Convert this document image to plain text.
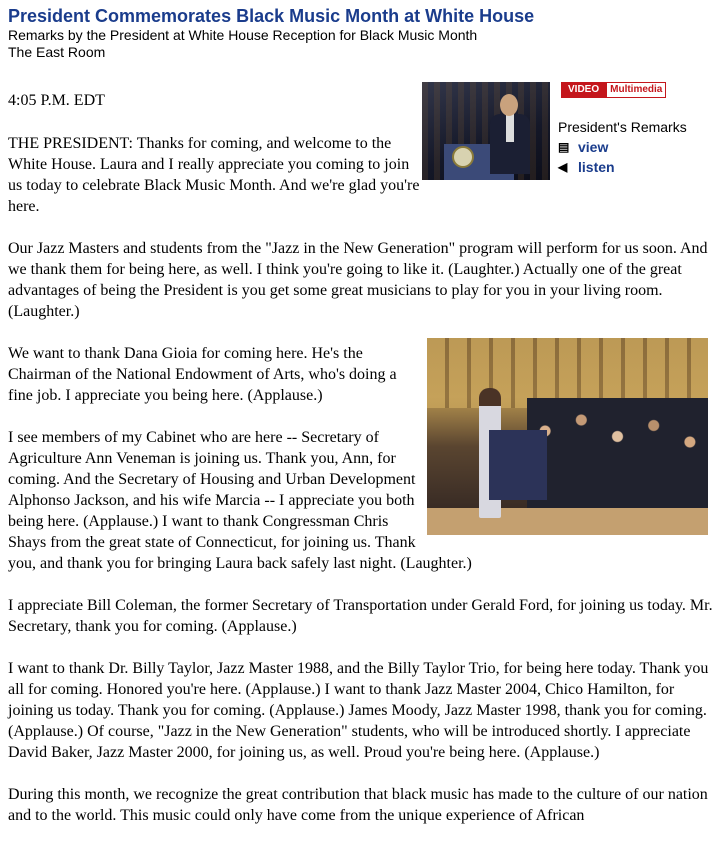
President Commemorates Black Music Month at White House
Remarks by the President at White House Reception for Black Music Month
The East Room
VIDEO	Multimedia
President's Remarks
▤ view
◀︎ listen

4:05 P.M. EDT

THE PRESIDENT: Thanks for coming, and welcome to the White House. Laura and I really appreciate you coming to join us today to celebrate Black Music Month. And we're glad you're here.

Our Jazz Masters and students from the "Jazz in the New Generation" program will perform for us soon. And we thank them for being here, as well. I think you're going to like it. (Laughter.) Actually one of the great advantages of being the President is you get some great musicians to play for you in your living room. (Laughter.)

We want to thank Dana Gioia for coming here. He's the Chairman of the National Endowment of Arts, who's doing a fine job. I appreciate you being here. (Applause.)

I see members of my Cabinet who are here -- Secretary of Agriculture Ann Veneman is joining us. Thank you, Ann, for coming. And the Secretary of Housing and Urban Development Alphonso Jackson, and his wife Marcia -- I appreciate you both being here. (Applause.) I want to thank Congressman Chris Shays from the great state of Connecticut, for joining us. Thank you, and thank you for bringing Laura back safely last night. (Laughter.)

I appreciate Bill Coleman, the former Secretary of Transportation under Gerald Ford, for joining us today. Mr. Secretary, thank you for coming. (Applause.)

I want to thank Dr. Billy Taylor, Jazz Master 1988, and the Billy Taylor Trio, for being here today. Thank you all for coming. Honored you're here. (Applause.) I want to thank Jazz Master 2004, Chico Hamilton, for joining us today. Thank you for coming. (Applause.) James Moody, Jazz Master 1998, thank you for coming. (Applause.) Of course, "Jazz in the New Generation" students, who will be introduced shortly. I appreciate David Baker, Jazz Master 2000, for joining us, as well. Proud you're being here. (Applause.)

During this month, we recognize the great contribution that black music has made to the culture of our nation and to the world. This music could only have come from the unique experience of African
